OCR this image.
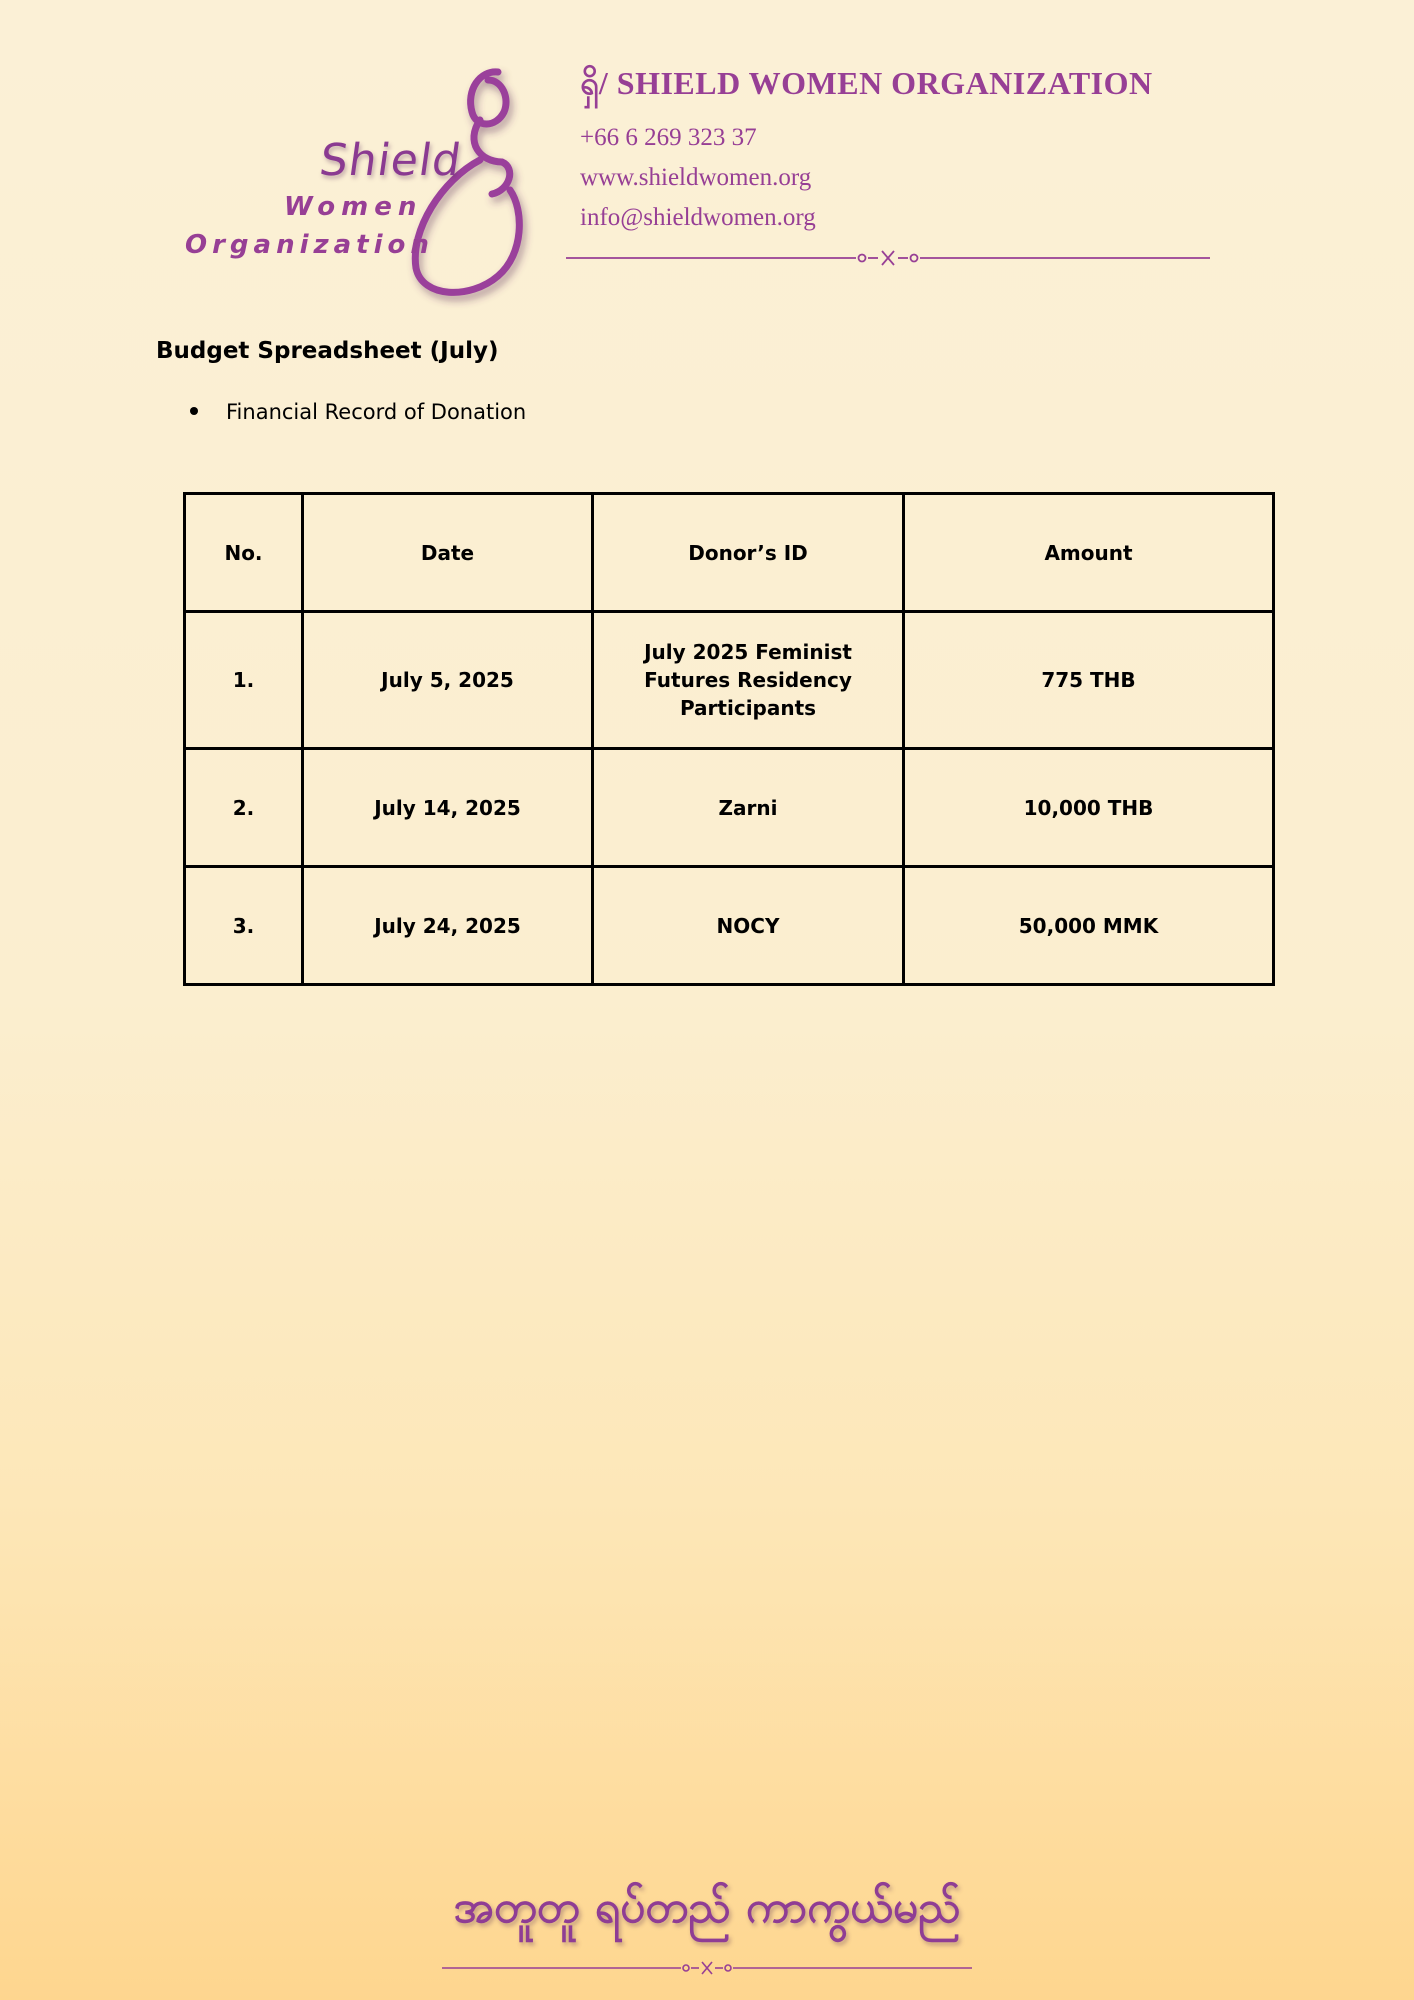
Shield
Women
Organization
ရှိ/ SHIELD WOMEN ORGANIZATION
+66 6 269 323 37
www.shieldwomen.org
info@shieldwomen.org
Budget Spreadsheet (July)
Financial Record of Donation
No.	Date	Donor’s ID	Amount
1.	July 5, 2025	July 2025 Feminist Futures Residency Participants	775 THB
2.	July 14, 2025	Zarni	10,000 THB
3.	July 24, 2025	NOCY	50,000 MMK
အတူတူ ရပ်တည် ကာကွယ်မည်
